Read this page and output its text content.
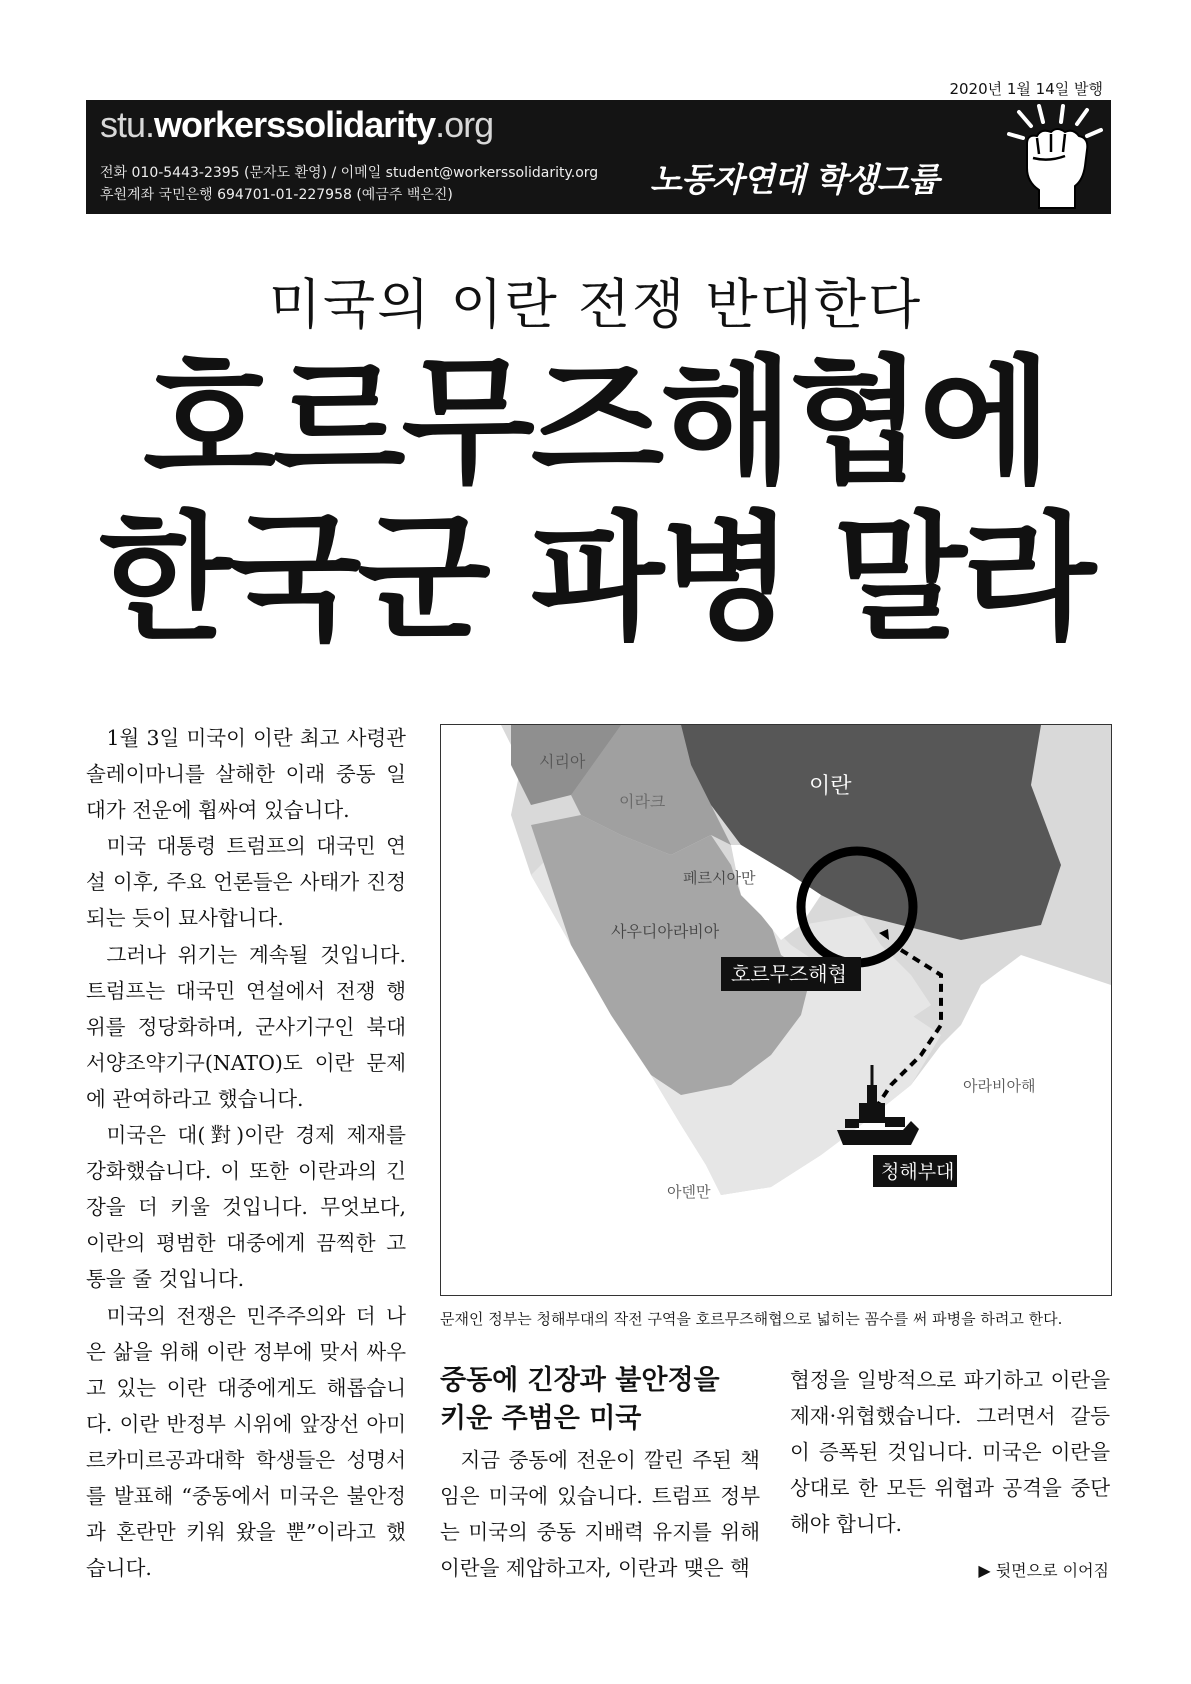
2020년 1월 14일 발행
stu.workerssolidarity.org
전화 010-5443-2395 (문자도 환영) / 이메일 student@workerssolidarity.org
후원계좌 국민은행 694701-01-227958 (예금주 백은진)	노동자연대 학생그룹
미국의 이란 전쟁 반대한다
호르무즈해협에
한국군 파병 말라

1월 3일 미국이 이란 최고 사령관 솔레이마니를 살해한 이래 중동 일대가 전운에 휩싸여 있습니다.

미국 대통령 트럼프의 대국민 연설 이후, 주요 언론들은 사태가 진정되는 듯이 묘사합니다.

그러나 위기는 계속될 것입니다. 트럼프는 대국민 연설에서 전쟁 행위를 정당화하며, 군사기구인 북대서양조약기구(NATO)도 이란 문제에 관여하라고 했습니다.

미국은 대(對)이란 경제 제재를 강화했습니다. 이 또한 이란과의 긴장을 더 키울 것입니다. 무엇보다, 이란의 평범한 대중에게 끔찍한 고통을 줄 것입니다.

미국의 전쟁은 민주주의와 더 나은 삶을 위해 이란 정부에 맞서 싸우고 있는 이란 대중에게도 해롭습니다. 이란 반정부 시위에 앞장선 아미르카미르공과대학 학생들은 성명서를 발표해 “중동에서 미국은 불안정과 혼란만 키워 왔을 뿐”이라고 했습니다.

시리아
이라크
이란
페르시아만
사우디아라비아
호르무즈해협
아라비아해
아덴만
청해부대
문재인 정부는 청해부대의 작전 구역을 호르무즈해협으로 넓히는 꼼수를 써 파병을 하려고 한다.
중동에 긴장과 불안정을
키운 주범은 미국

지금 중동에 전운이 깔린 주된 책임은 미국에 있습니다. 트럼프 정부는 미국의 중동 지배력 유지를 위해 이란을 제압하고자, 이란과 맺은 핵

협정을 일방적으로 파기하고 이란을 제재·위협했습니다. 그러면서 갈등이 증폭된 것입니다. 미국은 이란을 상대로 한 모든 위협과 공격을 중단해야 합니다.

▶ 뒷면으로 이어짐
